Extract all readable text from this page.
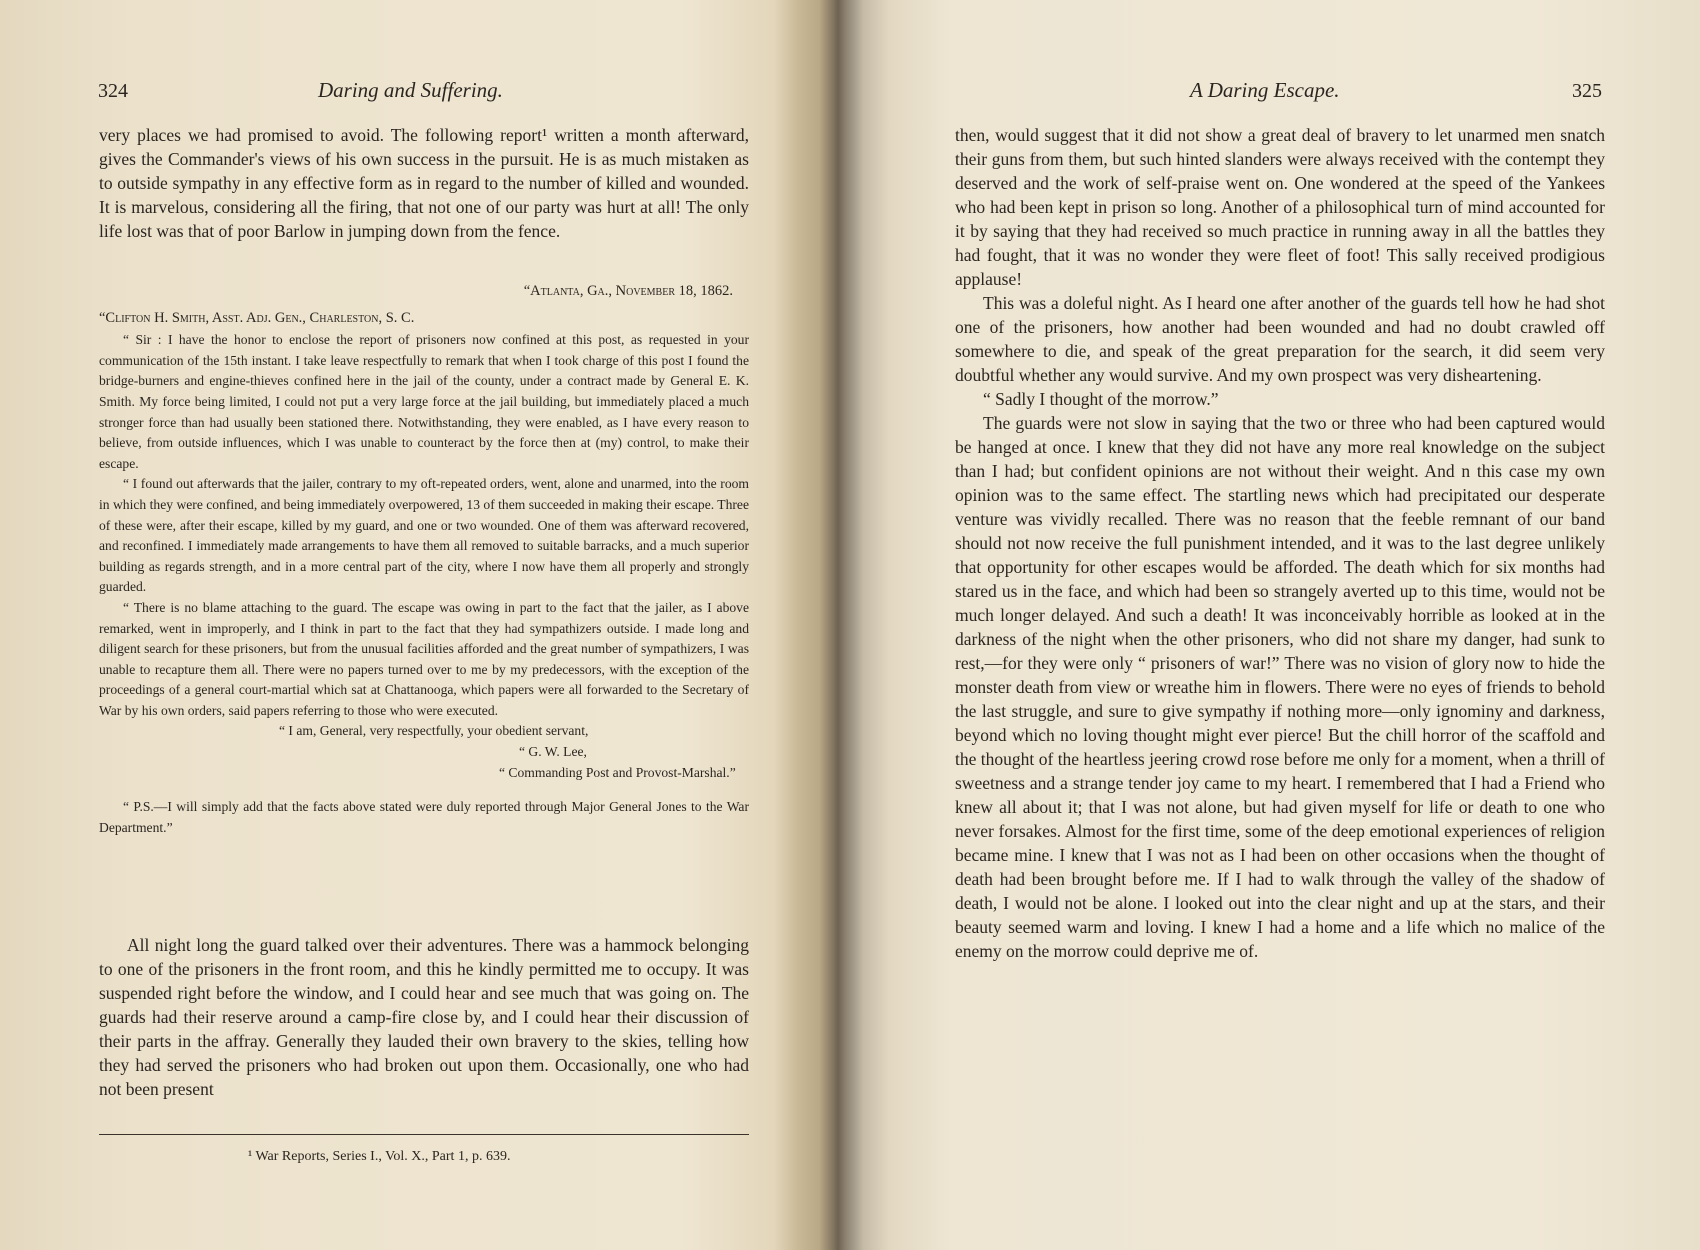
324	Daring and Suffering.

very places we had promised to avoid. The following report¹ written a month afterward, gives the Commander's views of his own success in the pursuit. He is as much mistaken as to outside sympathy in any effective form as in regard to the number of killed and wounded. It is marvelous, considering all the firing, that not one of our party was hurt at all! The only life lost was that of poor Barlow in jumping down from the fence.

“Atlanta, Ga., November 18, 1862.
“Clifton H. Smith, Asst. Adj. Gen., Charleston, S. C.

“ Sir : I have the honor to enclose the report of prisoners now confined at this post, as requested in your communication of the 15th instant. I take leave respectfully to remark that when I took charge of this post I found the bridge-burners and engine-thieves confined here in the jail of the county, under a contract made by General E. K. Smith. My force being limited, I could not put a very large force at the jail building, but immediately placed a much stronger force than had usually been stationed there. Notwithstanding, they were enabled, as I have every reason to believe, from outside influences, which I was unable to counteract by the force then at (my) control, to make their escape.

“ I found out afterwards that the jailer, contrary to my oft-repeated orders, went, alone and unarmed, into the room in which they were confined, and being immediately overpowered, 13 of them succeeded in making their escape. Three of these were, after their escape, killed by my guard, and one or two wounded. One of them was afterward recovered, and reconfined. I immediately made arrangements to have them all removed to suitable barracks, and a much superior building as regards strength, and in a more central part of the city, where I now have them all properly and strongly guarded.

“ There is no blame attaching to the guard. The escape was owing in part to the fact that the jailer, as I above remarked, went in improperly, and I think in part to the fact that they had sympathizers outside. I made long and diligent search for these prisoners, but from the unusual facilities afforded and the great number of sympathizers, I was unable to recapture them all. There were no papers turned over to me by my predecessors, with the exception of the proceedings of a general court-martial which sat at Chattanooga, which papers were all forwarded to the Secretary of War by his own orders, said papers referring to those who were executed.

“ I am, General, very respectfully, your obedient servant,
“ G. W. Lee,
“ Commanding Post and Provost-Marshal.”

“ P.S.—I will simply add that the facts above stated were duly reported through Major General Jones to the War Department.”

All night long the guard talked over their adventures. There was a hammock belonging to one of the prisoners in the front room, and this he kindly permitted me to occupy. It was suspended right before the window, and I could hear and see much that was going on. The guards had their reserve around a camp-fire close by, and I could hear their discussion of their parts in the affray. Generally they lauded their own bravery to the skies, telling how they had served the prisoners who had broken out upon them. Occasionally, one who had not been present

¹ War Reports, Series I., Vol. X., Part 1, p. 639.
A Daring Escape.	325

then, would suggest that it did not show a great deal of bravery to let unarmed men snatch their guns from them, but such hinted slanders were always received with the contempt they deserved and the work of self-praise went on. One wondered at the speed of the Yankees who had been kept in prison so long. Another of a philosophical turn of mind accounted for it by saying that they had received so much practice in running away in all the battles they had fought, that it was no wonder they were fleet of foot! This sally received prodigious applause!

This was a doleful night. As I heard one after another of the guards tell how he had shot one of the prisoners, how another had been wounded and had no doubt crawled off somewhere to die, and speak of the great preparation for the search, it did seem very doubtful whether any would survive. And my own prospect was very disheartening.

“ Sadly I thought of the morrow.”

The guards were not slow in saying that the two or three who had been captured would be hanged at once. I knew that they did not have any more real knowledge on the subject than I had; but confident opinions are not without their weight. And n this case my own opinion was to the same effect. The startling news which had precipitated our desperate venture was vividly recalled. There was no reason that the feeble remnant of our band should not now receive the full punishment intended, and it was to the last degree unlikely that opportunity for other escapes would be afforded. The death which for six months had stared us in the face, and which had been so strangely averted up to this time, would not be much longer delayed. And such a death! It was inconceivably horrible as looked at in the darkness of the night when the other prisoners, who did not share my danger, had sunk to rest,—for they were only “ prisoners of war!” There was no vision of glory now to hide the monster death from view or wreathe him in flowers. There were no eyes of friends to behold the last struggle, and sure to give sympathy if nothing more—only ignominy and darkness, beyond which no loving thought might ever pierce! But the chill horror of the scaffold and the thought of the heartless jeering crowd rose before me only for a moment, when a thrill of sweetness and a strange tender joy came to my heart. I remembered that I had a Friend who knew all about it; that I was not alone, but had given myself for life or death to one who never forsakes. Almost for the first time, some of the deep emotional experiences of religion became mine. I knew that I was not as I had been on other occasions when the thought of death had been brought before me. If I had to walk through the valley of the shadow of death, I would not be alone. I looked out into the clear night and up at the stars, and their beauty seemed warm and loving. I knew I had a home and a life which no malice of the enemy on the morrow could deprive me of.
